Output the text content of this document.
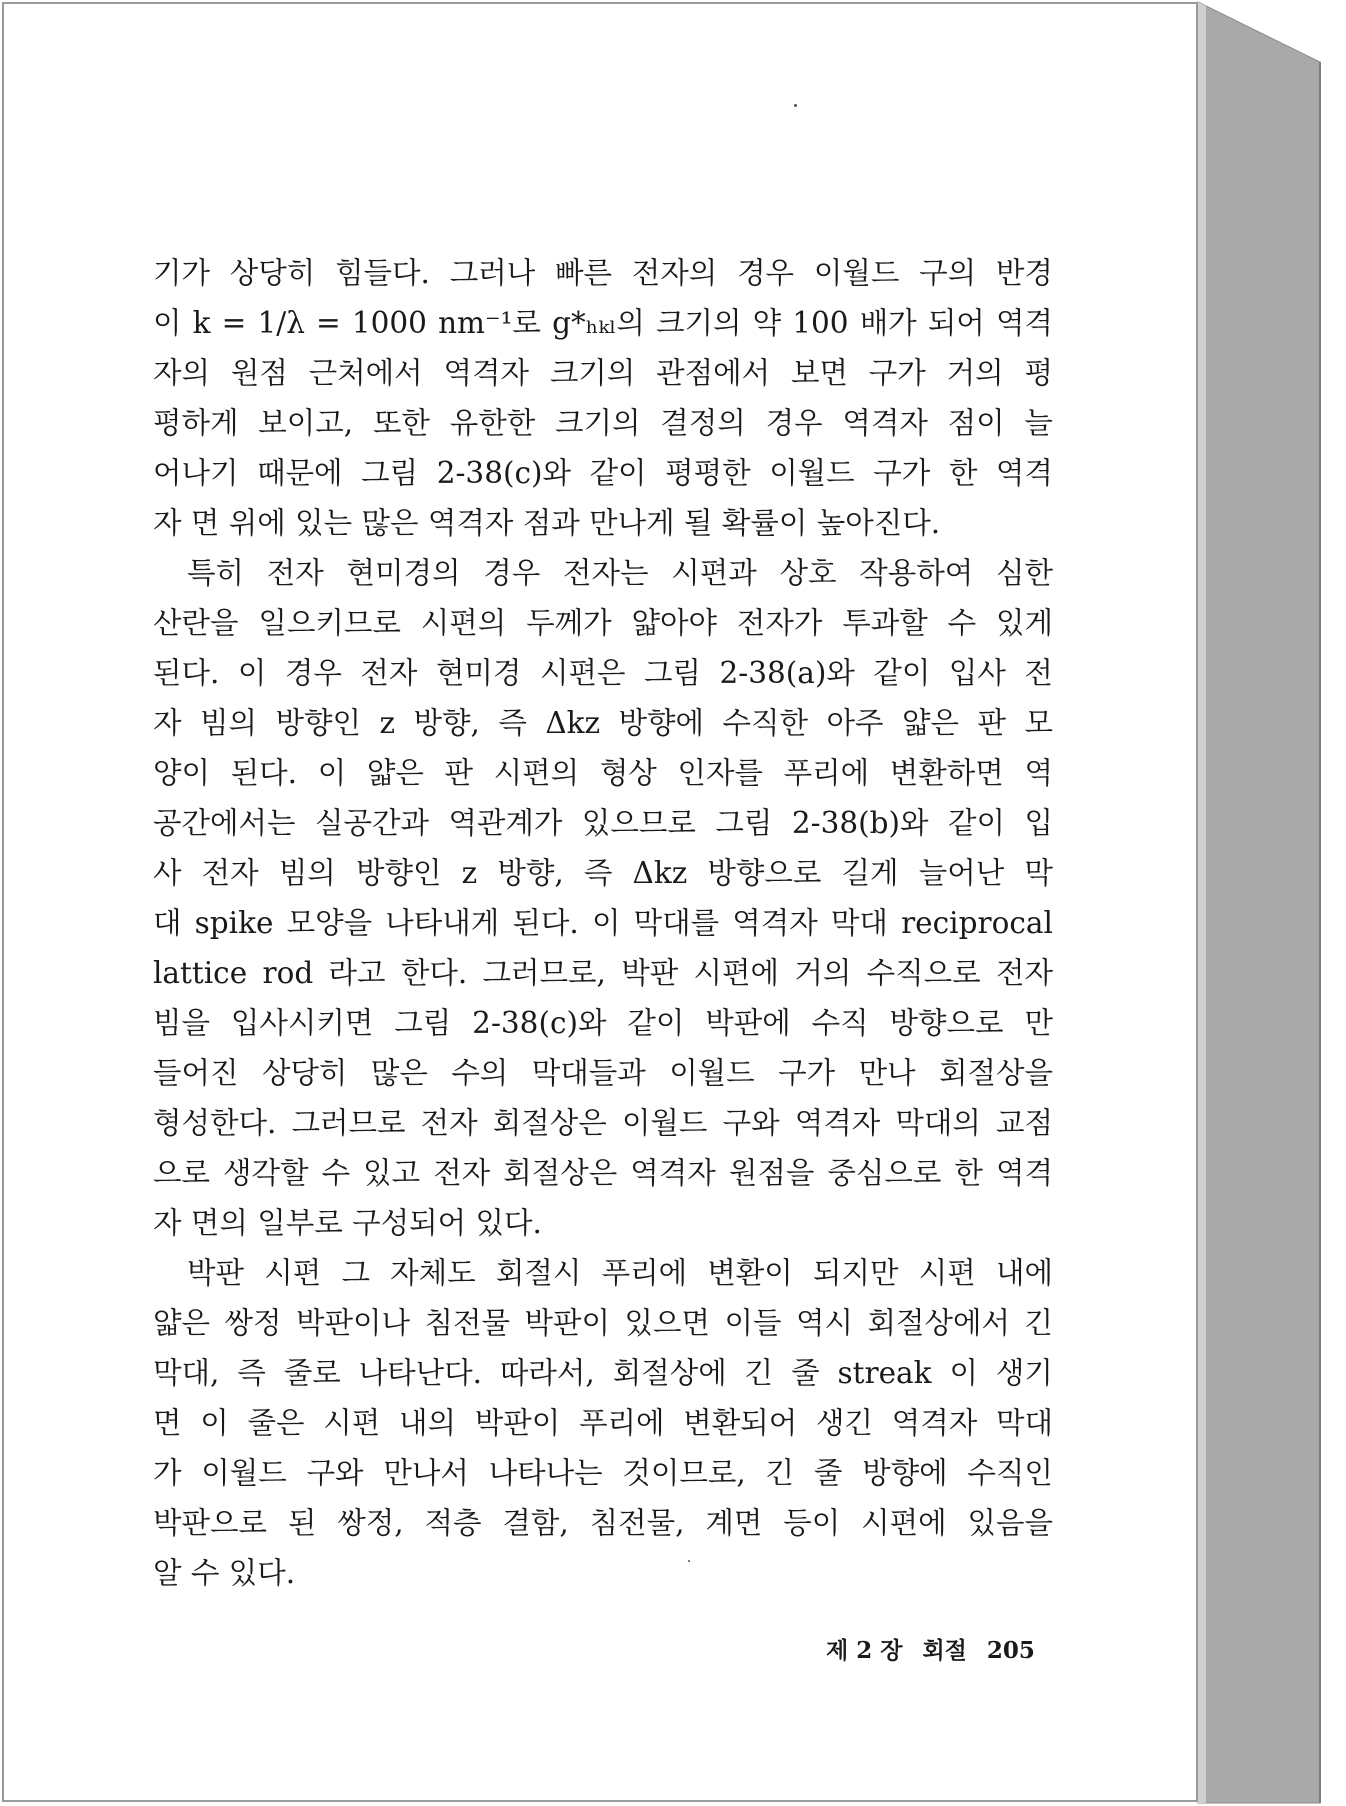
기가 상당히 힘들다. 그러나 빠른 전자의 경우 이월드 구의 반경
이 k = 1/λ = 1000 nm⁻¹로 g*ₕₖₗ의 크기의 약 100 배가 되어 역격
자의 원점 근처에서 역격자 크기의 관점에서 보면 구가 거의 평
평하게 보이고, 또한 유한한 크기의 결정의 경우 역격자 점이 늘
어나기 때문에 그림 2-38(c)와 같이 평평한 이월드 구가 한 역격
자 면 위에 있는 많은 역격자 점과 만나게 될 확률이 높아진다.
특히 전자 현미경의 경우 전자는 시편과 상호 작용하여 심한
산란을 일으키므로 시편의 두께가 얇아야 전자가 투과할 수 있게
된다. 이 경우 전자 현미경 시편은 그림 2-38(a)와 같이 입사 전
자 빔의 방향인 z 방향, 즉 Δkz 방향에 수직한 아주 얇은 판 모
양이 된다. 이 얇은 판 시편의 형상 인자를 푸리에 변환하면 역
공간에서는 실공간과 역관계가 있으므로 그림 2-38(b)와 같이 입
사 전자 빔의 방향인 z 방향, 즉 Δkz 방향으로 길게 늘어난 막
대 spike 모양을 나타내게 된다. 이 막대를 역격자 막대 reciprocal
lattice rod 라고 한다. 그러므로, 박판 시편에 거의 수직으로 전자
빔을 입사시키면 그림 2-38(c)와 같이 박판에 수직 방향으로 만
들어진 상당히 많은 수의 막대들과 이월드 구가 만나 회절상을
형성한다. 그러므로 전자 회절상은 이월드 구와 역격자 막대의 교점
으로 생각할 수 있고 전자 회절상은 역격자 원점을 중심으로 한 역격
자 면의 일부로 구성되어 있다.
박판 시편 그 자체도 회절시 푸리에 변환이 되지만 시편 내에
얇은 쌍정 박판이나 침전물 박판이 있으면 이들 역시 회절상에서 긴
막대, 즉 줄로 나타난다. 따라서, 회절상에 긴 줄 streak 이 생기
면 이 줄은 시편 내의 박판이 푸리에 변환되어 생긴 역격자 막대
가 이월드 구와 만나서 나타나는 것이므로, 긴 줄 방향에 수직인
박판으로 된 쌍정, 적층 결함, 침전물, 계면 등이 시편에 있음을
알 수 있다.
제 2 장 회절 205
